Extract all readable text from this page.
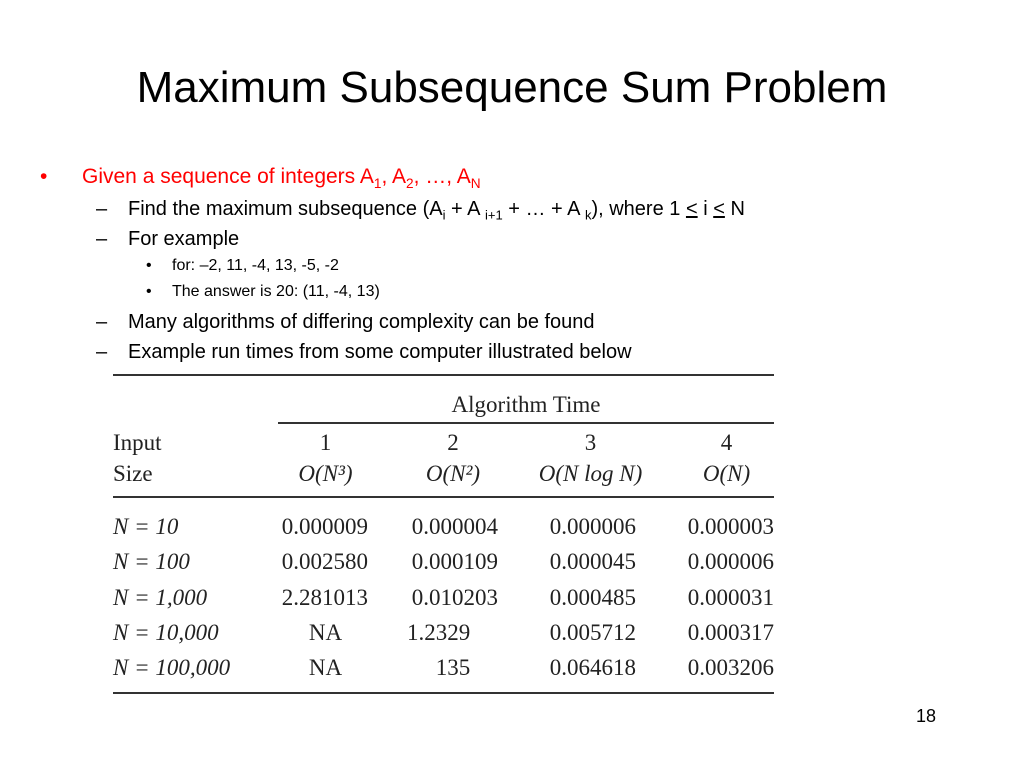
Maximum Subsequence Sum Problem
• Given a sequence of integers $A_1$, $A_2$, …, $A_N$
– Find the maximum subsequence ($A_i + A$ $_{i+1}$ + … + A $_k$), where 1 < i < N
– For example
• for: –2, 11, -4, 13, -5, -2
• The answer is 20: (11, -4, 13)
– Many algorithms of differing complexity can be found
– Example run times from some computer illustrated below
Algorithm Time
Input
Size
1	2	3	4
O(N³)	O(N²)	O(N log N)	O(N)
N = 10	0.000009	0.000004	0.000006	0.000003
N = 100	0.002580	0.000109	0.000045	0.000006
N = 1,000	2.281013	0.010203	0.000485	0.000031
N = 10,000	NA	1.2329	0.005712	0.000317
N = 100,000	NA	135	0.064618	0.003206
18
